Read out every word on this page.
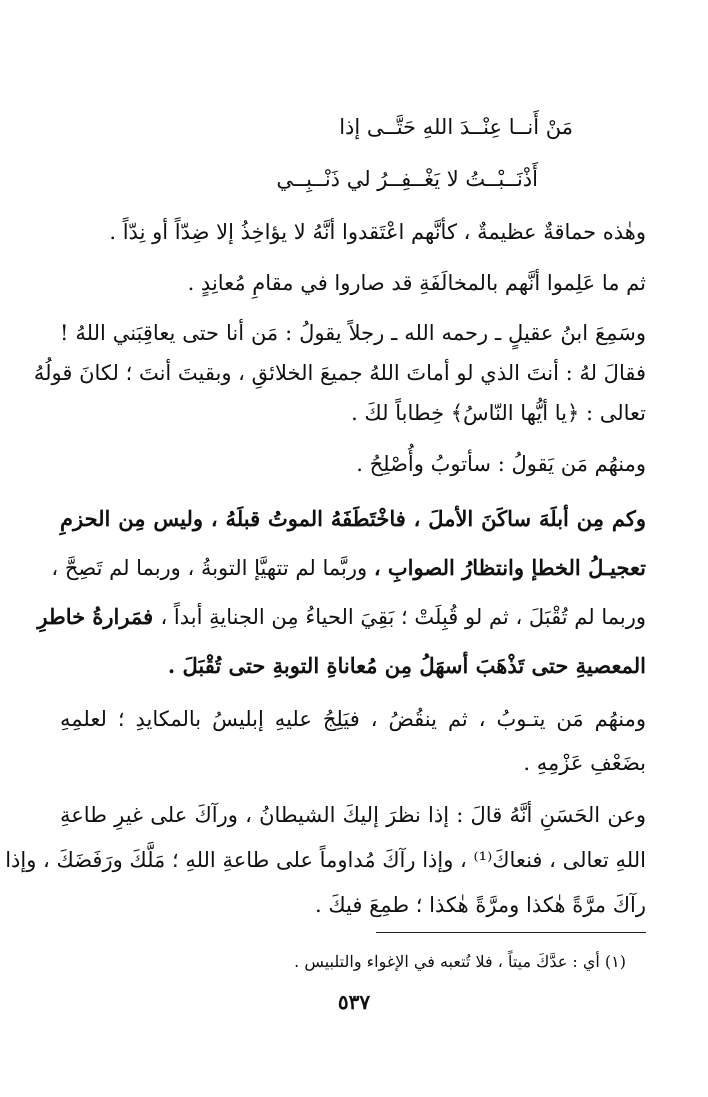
مَنْ أَنــا عِنْــدَ اللهِ حَتَّــى إذا
أَذْنَــبْــتُ لا يَغْــفِــرُ لي ذَنْــبِــي
وهٰذه حماقةٌ عظيمةٌ ، كأنَّهم اعْتَقدوا أنَّهُ لا يؤاخِذُ إلا ضِدّاً أو نِدّاً .
ثم ما عَلِموا أنَّهم بالمخالَفَةِ قد صاروا في مقامِ مُعانِدٍ .
وسَمِعَ ابنُ عقيلٍ ـ رحمه الله ـ رجلاً يقولُ : مَن أنا حتى يعاقِبَني اللهُ !
فقالَ لهُ : أنتَ الذي لو أماتَ اللهُ جميعَ الخلائقِ ، وبقيتَ أنتَ ؛ لكانَ قولُهُ
تعالى : ﴿يا أيُّها النّاسُ﴾ خِطاباً لكَ .
ومنهُم مَن يَقولُ : سأتوبُ وأُصْلِحُ .
وكم مِن أبلَهَ ساكَنَ الأملَ ، فاخْتَطَفَهُ الموتُ قبلَهُ ، وليس مِن الحزمِ
تعجيـلُ الخطإ وانتظارُ الصوابِ ، وربَّما لم تتهيَّإ التوبةُ ، وربما لم تَصِحَّ ،
وربما لم تُقْبَلَ ، ثم لو قُبِلَتْ ؛ بَقِيَ الحياءُ مِن الجنايةِ أبداً ، فمَرارةُ خاطرِ
المعصيةِ حتى تَذْهَبَ أسهَلُ مِن مُعاناةِ التوبةِ حتى تُقْبَلَ .
ومنهُم مَن يتـوبُ ، ثم ينقُضُ ، فيَلِجُ عليهِ إبليسُ بالمكايدِ ؛ لعلمِهِ
بضَعْفِ عَزْمِهِ .
وعن الحَسَنِ أنَّهُ قالَ : إذا نظرَ إليكَ الشيطانُ ، ورآكَ على غيرِ طاعةِ
اللهِ تعالى ، فنعاكَ⁽¹⁾ ، وإذا رآكَ مُداوماً على طاعةِ اللهِ ؛ مَلَّكَ ورَفَضَكَ ، وإذا
رآكَ مرَّةً هٰكذا ومرَّةً هٰكذا ؛ طمِعَ فيكَ .
(١) أي : عدَّكَ ميتاً ، فلا تُتعبه في الإغواء والتلبيس .
٥٣٧
